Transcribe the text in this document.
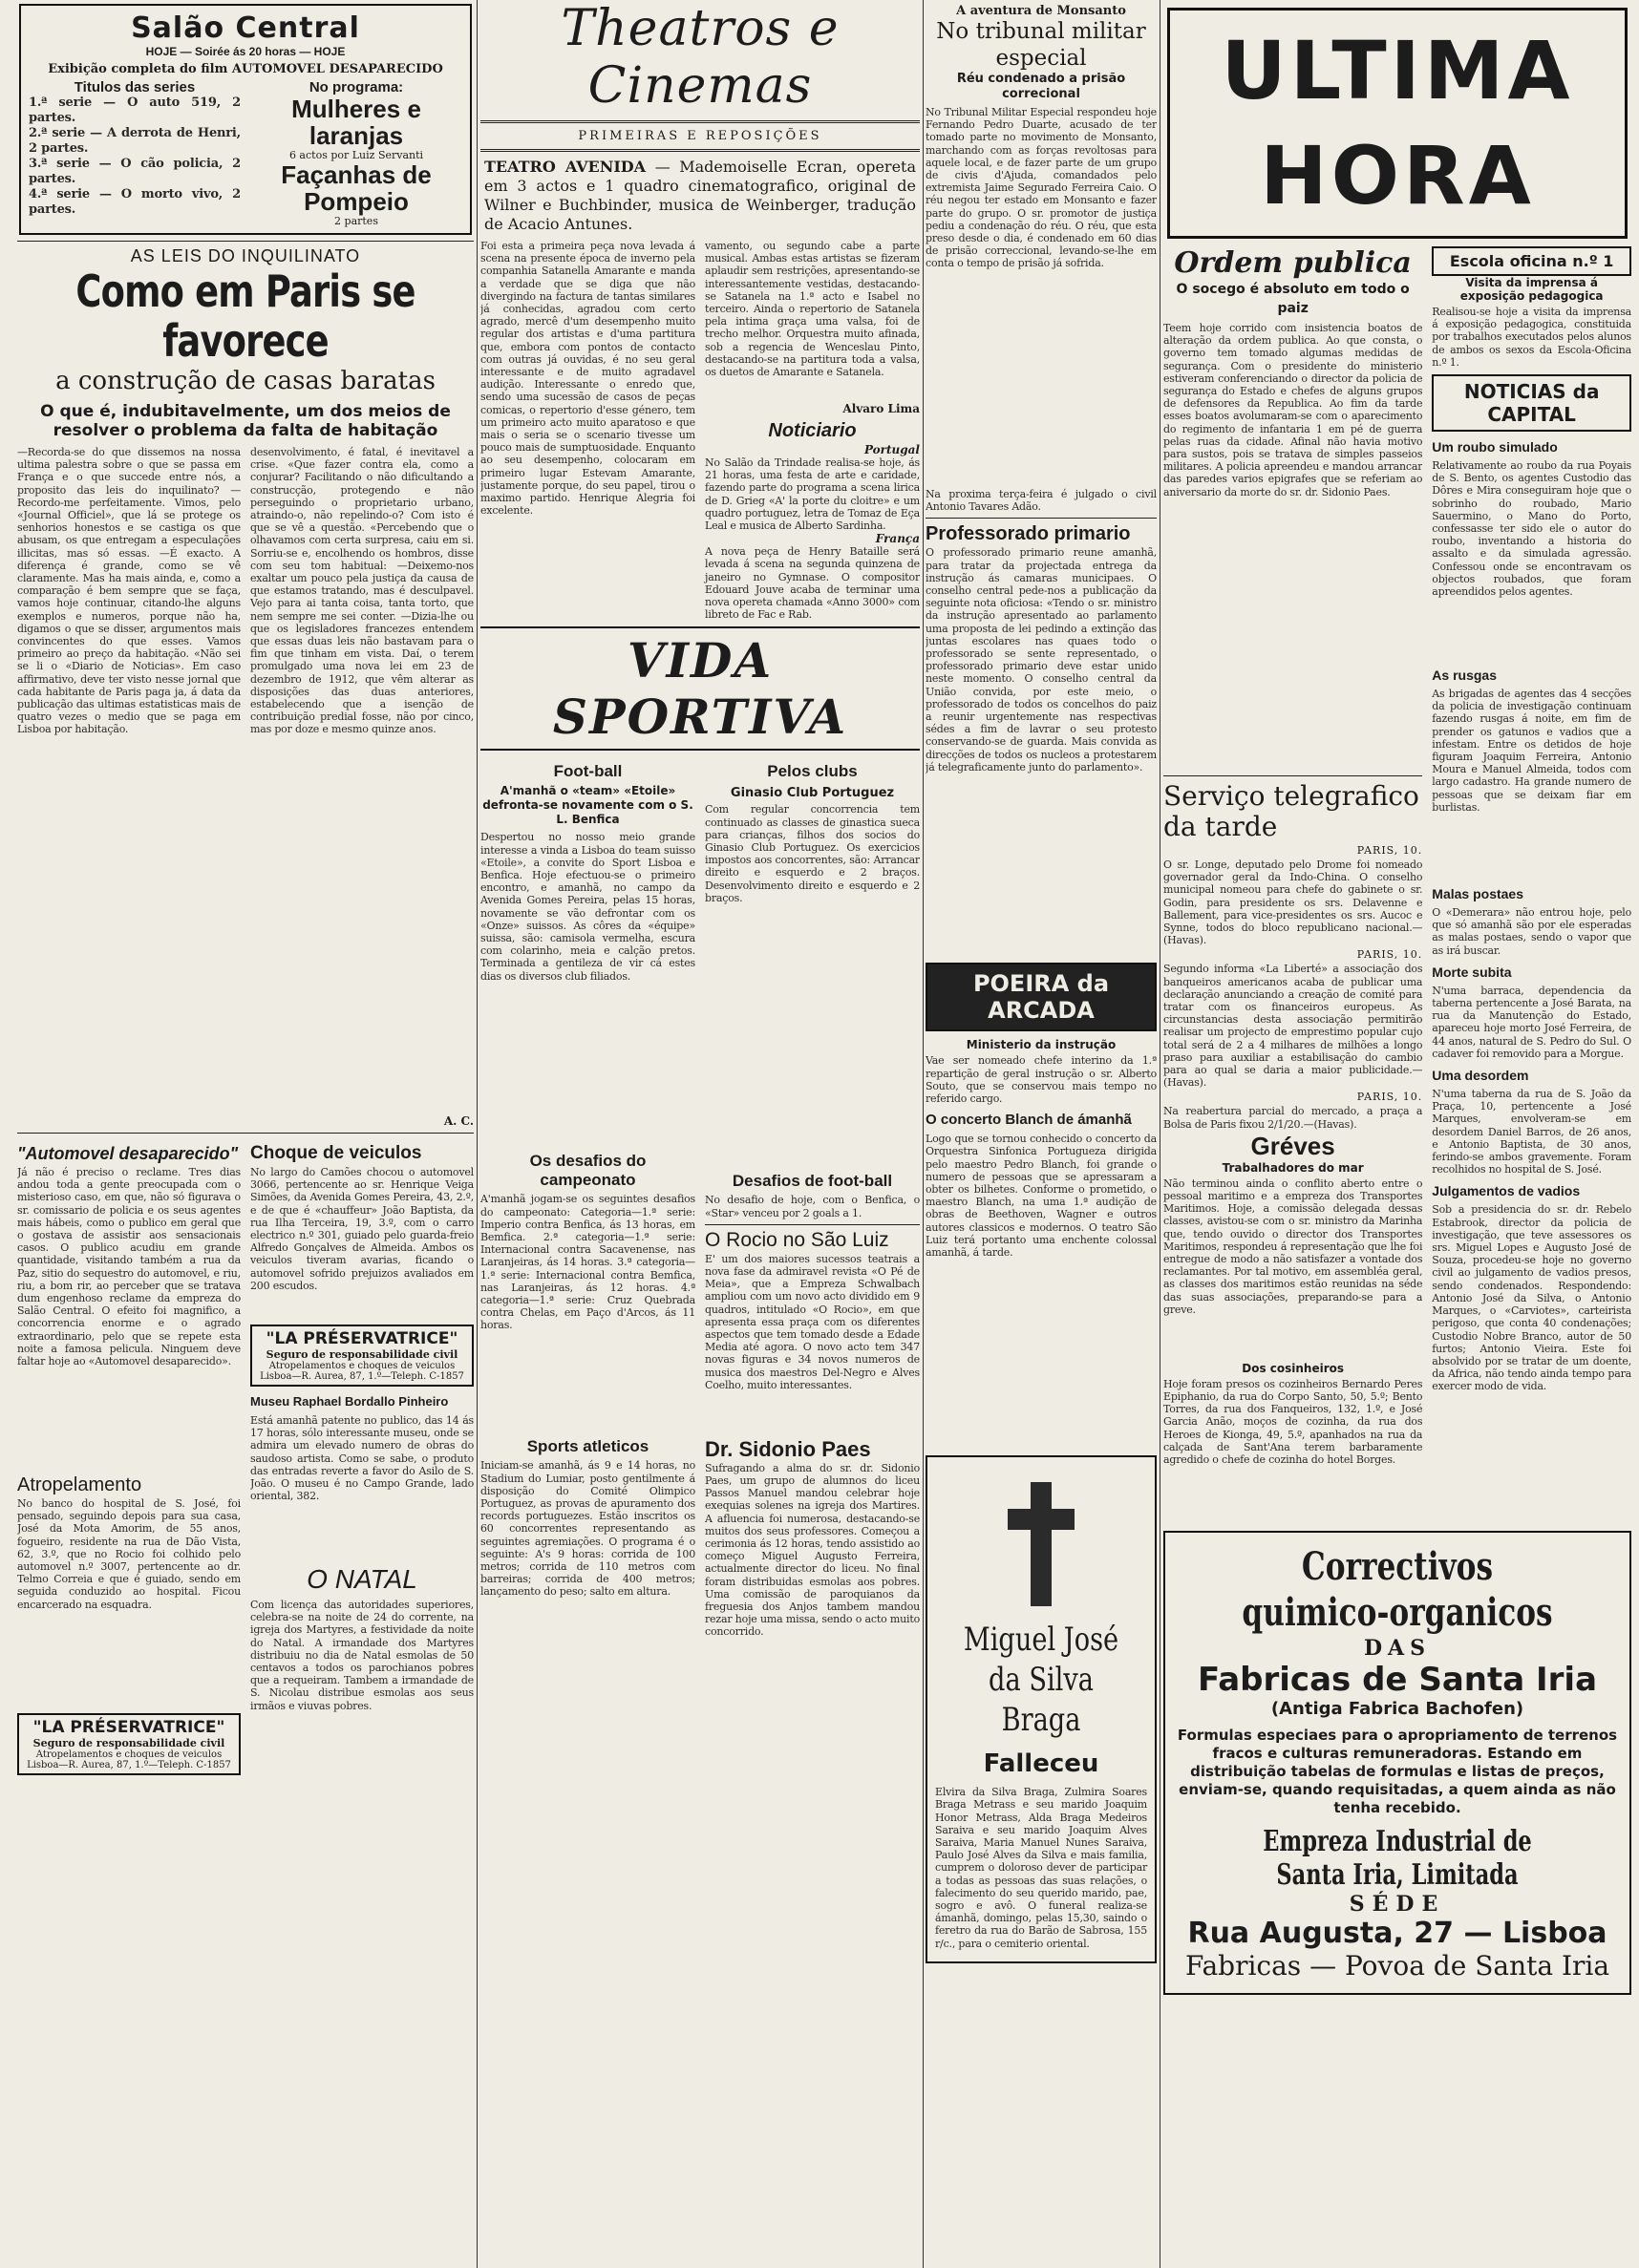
Salão Central
HOJE — Soirée ás 20 horas — HOJE
Exibição completa do film AUTOMOVEL DESAPARECIDO
Titulos das series
1.ª serie — O auto 519, 2 partes.
2.ª serie — A derrota de Henri, 2 partes.
3.ª serie — O cão policia, 2 partes.
4.ª serie — O morto vivo, 2 partes.
No programa:
Mulheres e laranjas
6 actos por Luiz Servanti
Façanhas de Pompeio
2 partes
AS LEIS DO INQUILINATO
Como em Paris se favorece
a construção de casas baratas
O que é, indubitavelmente, um dos meios de resolver o problema da falta de habitação
—Recorda-se do que dissemos na nossa ultima palestra sobre o que se passa em França e o que succede entre nós, a proposito das leis do inquilinato? —Recordo-me perfeitamente. Vimos, pelo «Journal Officiel», que lá se protege os senhorios honestos e se castiga os que abusam, os que entregam a especulações illicitas, mas só essas. —É exacto. A diferença é grande, como se vê claramente. Mas ha mais ainda, e, como a comparação é bem sempre que se faça, vamos hoje continuar, citando-lhe alguns exemplos e numeros, porque não ha, digamos o que se disser, argumentos mais convincentes do que esses. Vamos primeiro ao preço da habitação. «Não sei se li o «Diario de Noticias». Em caso affirmativo, deve ter visto nesse jornal que cada habitante de Paris paga ja, á data da publicação das ultimas estatisticas mais de quatro vezes o medio que se paga em Lisboa por habitação.
desenvolvimento, é fatal, é inevitavel a crise. «Que fazer contra ela, como a conjurar? Facilitando o não dificultando a construcção, protegendo e não perseguindo o proprietario urbano, atraindo-o, não repelindo-o? Com isto é que se vê a questão. «Percebendo que o olhavamos com certa surpresa, caiu em si. Sorriu-se e, encolhendo os hombros, disse com seu tom habitual: —Deixemo-nos exaltar um pouco pela justiça da causa de que estamos tratando, mas é desculpavel. Vejo para ai tanta coisa, tanta torto, que nem sempre me sei conter. —Dizia-lhe ou que os legisladores francezes entendem que essas duas leis não bastavam para o fim que tinham em vista. Daí, o terem promulgado uma nova lei em 23 de dezembro de 1912, que vêm alterar as disposições das duas anteriores, estabelecendo que a isenção de contribuição predial fosse, não por cinco, mas por doze e mesmo quinze anos.
A. C.
"Automovel desaparecido"
Já não é preciso o reclame. Tres dias andou toda a gente preocupada com o misterioso caso, em que, não só figurava o sr. comissario de policia e os seus agentes mais hábeis, como o publico em geral que o gostava de assistir aos sensacionais casos. O publico acudiu em grande quantidade, visitando também a rua da Paz, sitio do sequestro do automovel, e riu, riu, a bom rir, ao perceber que se tratava dum engenhoso reclame da empreza do Salão Central. O efeito foi magnifico, a concorrencia enorme e o agrado extraordinario, pelo que se repete esta noite a famosa pelicula. Ninguem deve faltar hoje ao «Automovel desaparecido».
Atropelamento
No banco do hospital de S. José, foi pensado, seguindo depois para sua casa, José da Mota Amorim, de 55 anos, fogueiro, residente na rua de Dão Vista, 62, 3.º, que no Rocio foi colhido pelo automovel n.º 3007, pertencente ao dr. Telmo Correia e que é guiado, sendo em seguida conduzido ao hospital. Ficou encarcerado na esquadra.
"LA PRÉSERVATRICE"
Seguro de responsabilidade civil
Atropelamentos e choques de veiculos
Lisboa—R. Aurea, 87, 1.º—Teleph. C-1857
Choque de veiculos
No largo do Camões chocou o automovel 3066, pertencente ao sr. Henrique Veiga Simões, da Avenida Gomes Pereira, 43, 2.º, e de que é «chauffeur» João Baptista, da rua Ilha Terceira, 19, 3.º, com o carro electrico n.º 301, guiado pelo guarda-freio Alfredo Gonçalves de Almeida. Ambos os veiculos tiveram avarias, ficando o automovel sofrido prejuizos avaliados em 200 escudos.
"LA PRÉSERVATRICE"
Seguro de responsabilidade civil
Atropelamentos e choques de veiculos
Lisboa—R. Aurea, 87, 1.º—Teleph. C-1857
Museu Raphael Bordallo Pinheiro
Está amanhã patente no publico, das 14 ás 17 horas, sólo interessante museu, onde se admira um elevado numero de obras do saudoso artista. Como se sabe, o produto das entradas reverte a favor do Asilo de S. João. O museu é no Campo Grande, lado oriental, 382.
O NATAL
Com licença das autoridades superiores, celebra-se na noite de 24 do corrente, na igreja dos Martyres, a festividade da noite do Natal. A irmandade dos Martyres distribuiu no dia de Natal esmolas de 50 centavos a todos os parochianos pobres que a requeiram. Tambem a irmandade de S. Nicolau distribue esmolas aos seus irmãos e viuvas pobres.
Theatros e Cinemas
PRIMEIRAS E REPOSIÇÕES
TEATRO AVENIDA — Mademoiselle Ecran, opereta em 3 actos e 1 quadro cinematografico, original de Wilner e Buchbinder, musica de Weinberger, tradução de Acacio Antunes.
Foi esta a primeira peça nova levada á scena na presente época de inverno pela companhia Satanella Amarante e manda a verdade que se diga que não divergindo na factura de tantas similares já conhecidas, agradou com certo agrado, mercê d'um desempenho muito regular dos artistas e d'uma partitura que, embora com pontos de contacto com outras já ouvidas, é no seu geral interessante e de muito agradavel audição. Interessante o enredo que, sendo uma sucessão de casos de peças comicas, o repertorio d'esse género, tem um primeiro acto muito aparatoso e que mais o seria se o scenario tivesse um pouco mais de sumptuosidade. Enquanto ao seu desempenho, colocaram em primeiro lugar Estevam Amarante, justamente porque, do seu papel, tirou o maximo partido. Henrique Alegria foi excelente.
vamento, ou segundo cabe a parte musical. Ambas estas artistas se fizeram aplaudir sem restrições, apresentando-se interessantemente vestidas, destacando-se Satanela na 1.ª acto e Isabel no terceiro. Ainda o repertorio de Satanela pela intima graça uma valsa, foi de trecho melhor. Orquestra muito afinada, sob a regencia de Wenceslau Pinto, destacando-se na partitura toda a valsa, os duetos de Amarante e Satanela.
Alvaro Lima
Noticiario
Portugal
No Salão da Trindade realisa-se hoje, ás 21 horas, uma festa de arte e caridade, fazendo parte do programa a scena lirica de D. Grieg «A' la porte du cloitre» e um quadro portuguez, letra de Tomaz de Eça Leal e musica de Alberto Sardinha.
França
A nova peça de Henry Bataille será levada á scena na segunda quinzena de janeiro no Gymnase. O compositor Edouard Jouve acaba de terminar uma nova opereta chamada «Anno 3000» com libreto de Fac e Rab.
VIDA SPORTIVA
Foot-ball
A'manhã o «team» «Etoile» defronta-se novamente com o S. L. Benfica
Despertou no nosso meio grande interesse a vinda a Lisboa do team suisso «Etoile», a convite do Sport Lisboa e Benfica. Hoje efectuou-se o primeiro encontro, e amanhã, no campo da Avenida Gomes Pereira, pelas 15 horas, novamente se vão defrontar com os «Onze» suissos. As côres da «équipe» suissa, são: camisola vermelha, escura com colarinho, meia e calção pretos. Terminada a gentileza de vir cá estes dias os diversos club filiados.
Os desafios do campeonato
A'manhã jogam-se os seguintes desafios do campeonato: Categoria—1.ª serie: Imperio contra Benfica, ás 13 horas, em Bemfica. 2.ª categoria—1.ª serie: Internacional contra Sacavenense, nas Laranjeiras, ás 14 horas. 3.ª categoria—1.ª serie: Internacional contra Bemfica, nas Laranjeiras, ás 12 horas. 4.ª categoria—1.ª serie: Cruz Quebrada contra Chelas, em Paço d'Arcos, ás 11 horas.
Sports atleticos
Iniciam-se amanhã, ás 9 e 14 horas, no Stadium do Lumiar, posto gentilmente á disposição do Comité Olimpico Portuguez, as provas de apuramento dos records portuguezes. Estão inscritos os 60 concorrentes representando as seguintes agremiações. O programa é o seguinte: A's 9 horas: corrida de 100 metros; corrida de 110 metros com barreiras; corrida de 400 metros; lançamento do peso; salto em altura.
Pelos clubs
Ginasio Club Portuguez
Com regular concorrencia tem continuado as classes de ginastica sueca para crianças, filhos dos socios do Ginasio Club Portuguez. Os exercicios impostos aos concorrentes, são: Arrancar direito e esquerdo e 2 braços. Desenvolvimento direito e esquerdo e 2 braços.
Desafios de foot-ball
No desafio de hoje, com o Benfica, o «Star» venceu por 2 goals a 1.
O Rocio no São Luiz
E' um dos maiores sucessos teatrais a nova fase da admiravel revista «O Pé de Meia», que a Empreza Schwalbach ampliou com um novo acto dividido em 9 quadros, intitulado «O Rocio», em que apresenta essa praça com os diferentes aspectos que tem tomado desde a Edade Media até agora. O novo acto tem 347 novas figuras e 34 novos numeros de musica dos maestros Del-Negro e Alves Coelho, muito interessantes.
Dr. Sidonio Paes
Sufragando a alma do sr. dr. Sidonio Paes, um grupo de alumnos do liceu Passos Manuel mandou celebrar hoje exequias solenes na igreja dos Martires. A afluencia foi numerosa, destacando-se muitos dos seus professores. Começou a cerimonia ás 12 horas, tendo assistido ao começo Miguel Augusto Ferreira, actualmente director do liceu. No final foram distribuidas esmolas aos pobres. Uma comissão de paroquianos da freguesia dos Anjos tambem mandou rezar hoje uma missa, sendo o acto muito concorrido.
A aventura de Monsanto
No tribunal militar especial
Réu condenado a prisão correcional
No Tribunal Militar Especial respondeu hoje Fernando Pedro Duarte, acusado de ter tomado parte no movimento de Monsanto, marchando com as forças revoltosas para aquele local, e de fazer parte de um grupo de civis d'Ajuda, comandados pelo extremista Jaime Segurado Ferreira Caio. O réu negou ter estado em Monsanto e fazer parte do grupo. O sr. promotor de justiça pediu a condenação do réu. O réu, que esta preso desde o dia, é condenado em 60 dias de prisão correccional, levando-se-lhe em conta o tempo de prisão já sofrida.
Na proxima terça-feira é julgado o civil Antonio Tavares Adão.
Professorado primario
O professorado primario reune amanhã, para tratar da projectada entrega da instrução ás camaras municipaes. O conselho central pede-nos a publicação da seguinte nota oficiosa: «Tendo o sr. ministro da instrução apresentado ao parlamento uma proposta de lei pedindo a extinção das juntas escolares nas quaes todo o professorado se sente representado, o professorado primario deve estar unido neste momento. O conselho central da União convida, por este meio, o professorado de todos os concelhos do paiz a reunir urgentemente nas respectivas sédes a fim de lavrar o seu protesto conservando-se de guarda. Mais convida as direcções de todos os nucleos a protestarem já telegraficamente junto do parlamento».
POEIRA da ARCADA
Ministerio da instrução
Vae ser nomeado chefe interino da 1.ª repartição de geral instrução o sr. Alberto Souto, que se conservou mais tempo no referido cargo.
O concerto Blanch de ámanhã
Logo que se tornou conhecido o concerto da Orquestra Sinfonica Portugueza dirigida pelo maestro Pedro Blanch, foi grande o numero de pessoas que se apressaram a obter os bilhetes. Conforme o prometido, o maestro Blanch, na uma 1.ª audição de obras de Beethoven, Wagner e outros autores classicos e modernos. O teatro São Luiz terá portanto uma enchente colossal amanhã, á tarde.
Miguel José da Silva Braga
Falleceu
Elvira da Silva Braga, Zulmira Soares Braga Metrass e seu marido Joaquim Honor Metrass, Alda Braga Medeiros Saraiva e seu marido Joaquim Alves Saraiva, Maria Manuel Nunes Saraiva, Paulo José Alves da Silva e mais familia, cumprem o doloroso dever de participar a todas as pessoas das suas relações, o falecimento do seu querido marido, pae, sogro e avô. O funeral realiza-se ámanhã, domingo, pelas 15,30, saindo o feretro da rua do Barão de Sabrosa, 155 r/c., para o cemiterio oriental.
ULTIMA HORA
Ordem publica
O socego é absoluto em todo o paiz
Teem hoje corrido com insistencia boatos de alteração da ordem publica. Ao que consta, o governo tem tomado algumas medidas de segurança. Com o presidente do ministerio estiveram conferenciando o director da policia de segurança do Estado e chefes de alguns grupos de defensores da Republica. Ao fim da tarde esses boatos avolumaram-se com o aparecimento do regimento de infantaria 1 em pé de guerra pelas ruas da cidade. Afinal não havia motivo para sustos, pois se tratava de simples passeios militares. A policia apreendeu e mandou arrancar das paredes varios epigrafes que se referiam ao aniversario da morte do sr. dr. Sidonio Paes.
Serviço telegrafico da tarde
PARIS, 10.
O sr. Longe, deputado pelo Drome foi nomeado governador geral da Indo-China. O conselho municipal nomeou para chefe do gabinete o sr. Godin, para presidente os srs. Delavenne e Ballement, para vice-presidentes os srs. Aucoc e Synne, todos do bloco republicano nacional.—(Havas).
PARIS, 10.
Segundo informa «La Liberté» a associação dos banqueiros americanos acaba de publicar uma declaração anunciando a creação de comité para tratar com os financeiros europeus. As circunstancias desta associação permitirão realisar um projecto de emprestimo popular cujo total será de 2 a 4 milhares de milhões a longo praso para auxiliar a estabilisação do cambio para ao qual se daria a maior publicidade.—(Havas).
PARIS, 10.
Na reabertura parcial do mercado, a praça a Bolsa de Paris fixou 2/1/20.—(Havas).
Gréves
Trabalhadores do mar
Não terminou ainda o conflito aberto entre o pessoal maritimo e a empreza dos Transportes Maritimos. Hoje, a comissão delegada dessas classes, avistou-se com o sr. ministro da Marinha que, tendo ouvido o director dos Transportes Maritimos, respondeu á representação que lhe foi entregue de modo a não satisfazer a vontade dos reclamantes. Por tal motivo, em assembléa geral, as classes dos maritimos estão reunidas na séde das suas associações, preparando-se para a greve.
Dos cosinheiros
Hoje foram presos os cozinheiros Bernardo Peres Epiphanio, da rua do Corpo Santo, 50, 5.º; Bento Torres, da rua dos Fanqueiros, 132, 1.º, e José Garcia Anão, moços de cozinha, da rua dos Heroes de Kionga, 49, 5.º, apanhados na rua da calçada de Sant'Ana terem barbaramente agredido o chefe de cozinha do hotel Borges.
Escola oficina n.º 1
Visita da imprensa á exposição pedagogica
Realisou-se hoje a visita da imprensa á exposição pedagogica, constituida por trabalhos executados pelos alunos de ambos os sexos da Escola-Oficina n.º 1.
NOTICIAS da CAPITAL
Um roubo simulado
Relativamente ao roubo da rua Poyais de S. Bento, os agentes Custodio das Dôres e Mira conseguiram hoje que o sobrinho do roubado, Mario Sauermino, o Mano do Porto, confessasse ter sido ele o autor do roubo, inventando a historia do assalto e da simulada agressão. Confessou onde se encontravam os objectos roubados, que foram apreendidos pelos agentes.
As rusgas
As brigadas de agentes das 4 secções da policia de investigação continuam fazendo rusgas á noite, em fim de prender os gatunos e vadios que a infestam. Entre os detidos de hoje figuram Joaquim Ferreira, Antonio Moura e Manuel Almeida, todos com largo cadastro. Ha grande numero de pessoas que se deixam fiar em burlistas.
Malas postaes
O «Demerara» não entrou hoje, pelo que só amanhã são por ele esperadas as malas postaes, sendo o vapor que as irá buscar.
Morte subita
N'uma barraca, dependencia da taberna pertencente a José Barata, na rua da Manutenção do Estado, apareceu hoje morto José Ferreira, de 44 anos, natural de S. Pedro do Sul. O cadaver foi removido para a Morgue.
Uma desordem
N'uma taberna da rua de S. João da Praça, 10, pertencente a José Marques, envolveram-se em desordem Daniel Barros, de 26 anos, e Antonio Baptista, de 30 anos, ferindo-se ambos gravemente. Foram recolhidos no hospital de S. José.
Julgamentos de vadios
Sob a presidencia do sr. dr. Rebelo Estabrook, director da policia de investigação, que teve assessores os srs. Miguel Lopes e Augusto José de Souza, procedeu-se hoje no governo civil ao julgamento de vadios presos, sendo condenados. Respondendo: Antonio José da Silva, o Antonio Marques, o «Carviotes», carteirista perigoso, que conta 40 condenações; Custodio Nobre Branco, autor de 50 furtos; Antonio Vieira. Este foi absolvido por se tratar de um doente, da Africa, não tendo ainda tempo para exercer modo de vida.
Correctivos quimico-organicos
DAS
Fabricas de Santa Iria
(Antiga Fabrica Bachofen)
Formulas especiaes para o apropriamento de terrenos fracos e culturas remuneradoras. Estando em distribuição tabelas de formulas e listas de preços, enviam-se, quando requisitadas, a quem ainda as não tenha recebido.
Empreza Industrial de Santa Iria, Limitada
SÉDE
Rua Augusta, 27 — Lisboa
Fabricas — Povoa de Santa Iria
